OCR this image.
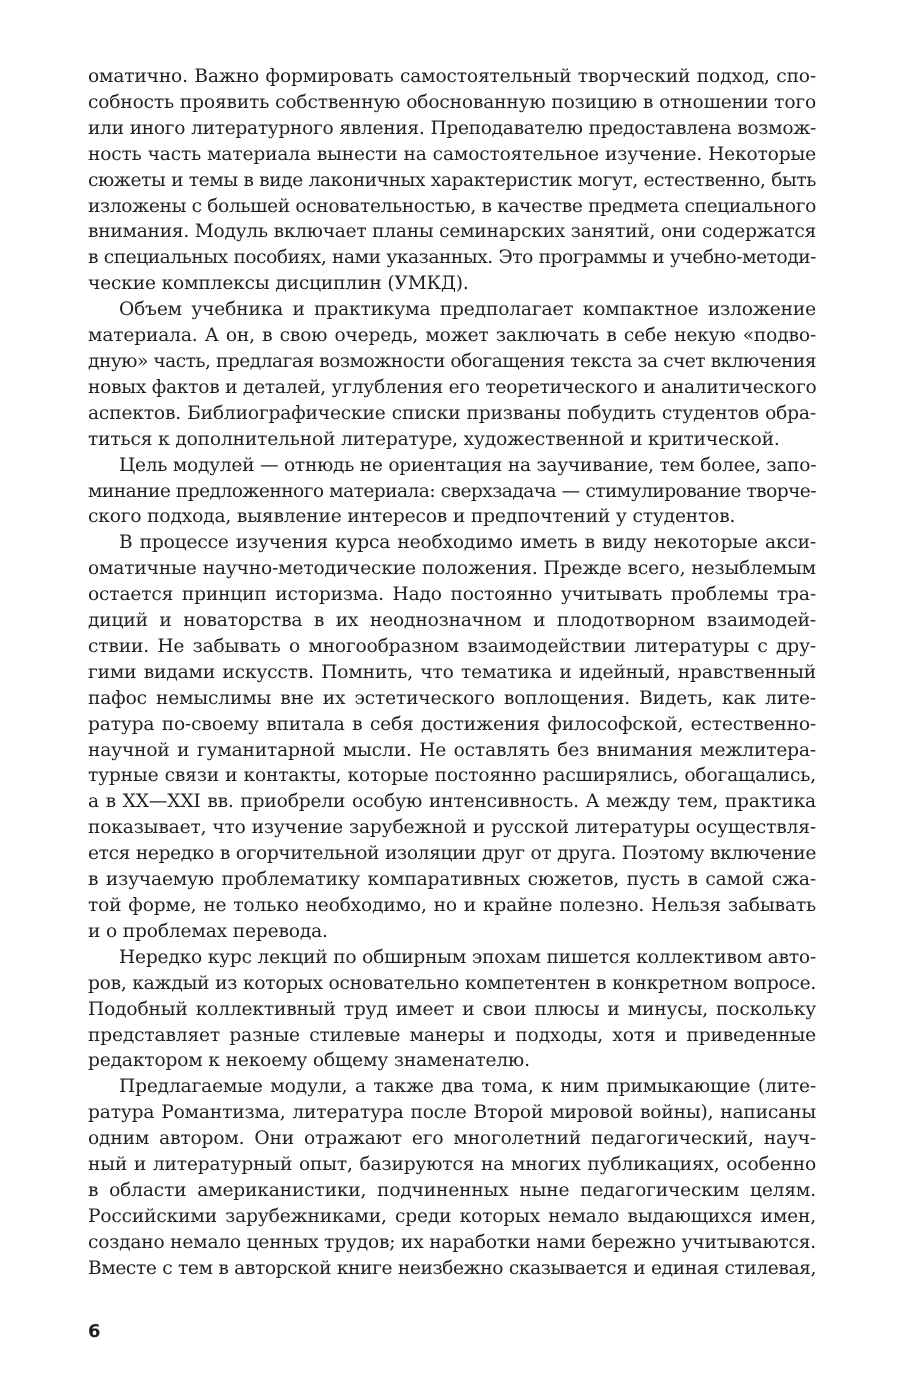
оматично. Важно формировать самостоятельный творческий подход, спо-
собность проявить собственную обоснованную позицию в отношении того
или иного литературного явления. Преподавателю предоставлена возмож-
ность часть материала вынести на самостоятельное изучение. Некоторые
сюжеты и темы в виде лаконичных характеристик могут, естественно, быть
изложены с большей основательностью, в качестве предмета специального
внимания. Модуль включает планы семинарских занятий, они содержатся
в специальных пособиях, нами указанных. Это программы и учебно-методи-
ческие комплексы дисциплин (УМКД).
Объем учебника и практикума предполагает компактное изложение
материала. А он, в свою очередь, может заключать в себе некую «подво-
дную» часть, предлагая возможности обогащения текста за счет включения
новых фактов и деталей, углубления его теоретического и аналитического
аспектов. Библиографические списки призваны побудить студентов обра-
титься к дополнительной литературе, художественной и критической.
Цель модулей — отнюдь не ориентация на заучивание, тем более, запо-
минание предложенного материала: сверхзадача — стимулирование творче-
ского подхода, выявление интересов и предпочтений у студентов.
В процессе изучения курса необходимо иметь в виду некоторые акси-
оматичные научно-методические положения. Прежде всего, незыблемым
остается принцип историзма. Надо постоянно учитывать проблемы тра-
диций и новаторства в их неоднозначном и плодотворном взаимодей-
ствии. Не забывать о многообразном взаимодействии литературы с дру-
гими видами искусств. Помнить, что тематика и идейный, нравственный
пафос немыслимы вне их эстетического воплощения. Видеть, как лите-
ратура по-своему впитала в себя достижения философской, естественно-
научной и гуманитарной мысли. Не оставлять без внимания межлитера-
турные связи и контакты, которые постоянно расширялись, обогащались,
а в XX—XXI вв. приобрели особую интенсивность. А между тем, практика
показывает, что изучение зарубежной и русской литературы осуществля-
ется нередко в огорчительной изоляции друг от друга. Поэтому включение
в изучаемую проблематику компаративных сюжетов, пусть в самой сжа-
той форме, не только необходимо, но и крайне полезно. Нельзя забывать
и о проблемах перевода.
Нередко курс лекций по обширным эпохам пишется коллективом авто-
ров, каждый из которых основательно компетентен в конкретном вопросе.
Подобный коллективный труд имеет и свои плюсы и минусы, поскольку
представляет разные стилевые манеры и подходы, хотя и приведенные
редактором к некоему общему знаменателю.
Предлагаемые модули, а также два тома, к ним примыкающие (лите-
ратура Романтизма, литература после Второй мировой войны), написаны
одним автором. Они отражают его многолетний педагогический, науч-
ный и литературный опыт, базируются на многих публикациях, особенно
в области американистики, подчиненных ныне педагогическим целям.
Российскими зарубежниками, среди которых немало выдающихся имен,
создано немало ценных трудов; их наработки нами бережно учитываются.
Вместе с тем в авторской книге неизбежно сказывается и единая стилевая,
6
